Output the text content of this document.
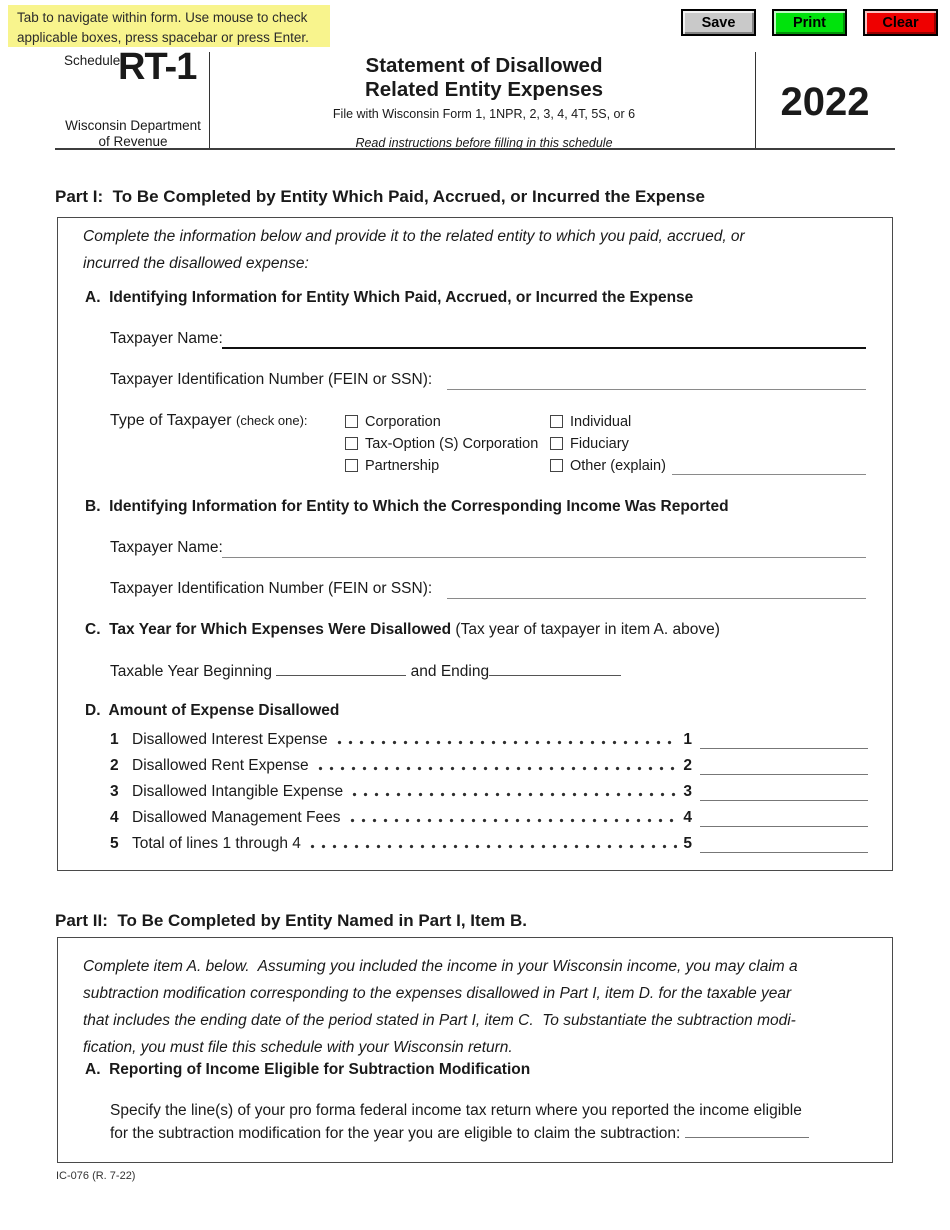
Tab to navigate within form. Use mouse to check
applicable boxes, press spacebar or press Enter.
Save	Print	Clear
Schedule
RT-1
Wisconsin Department
of Revenue
Statement of Disallowed
Related Entity Expenses
File with Wisconsin Form 1, 1NPR, 2, 3, 4, 4T, 5S, or 6
Read instructions before filling in this schedule
2022
Part I:  To Be Completed by Entity Which Paid, Accrued, or Incurred the Expense
Complete the information below and provide it to the related entity to which you paid, accrued, or
incurred the disallowed expense:
A.  Identifying Information for Entity Which Paid, Accrued, or Incurred the Expense
Taxpayer Name:
Taxpayer Identification Number (FEIN or SSN):
Type of Taxpayer (check one):	Corporation
Tax-Option (S) Corporation
Partnership
Individual
Fiduciary
Other (explain)
B.  Identifying Information for Entity to Which the Corresponding Income Was Reported
Taxpayer Name:
Taxpayer Identification Number (FEIN or SSN):
C.  Tax Year for Which Expenses Were Disallowed (Tax year of taxpayer in item A. above)
Taxable Year Beginning	and Ending
D.  Amount of Expense Disallowed
1 Disallowed Interest Expense	1
2 Disallowed Rent Expense	2
3 Disallowed Intangible Expense	3
4 Disallowed Management Fees	4
5 Total of lines 1 through 4	5
Part II:  To Be Completed by Entity Named in Part I, Item B.
Complete item A. below.  Assuming you included the income in your Wisconsin income, you may claim a
subtraction modification corresponding to the expenses disallowed in Part I, item D. for the taxable year
that includes the ending date of the period stated in Part I, item C.  To substantiate the subtraction modi-
fication, you must file this schedule with your Wisconsin return.
A.  Reporting of Income Eligible for Subtraction Modification
Specify the line(s) of your pro forma federal income tax return where you reported the income eligible
for the subtraction modification for the year you are eligible to claim the subtraction:
IC-076 (R. 7-22)
